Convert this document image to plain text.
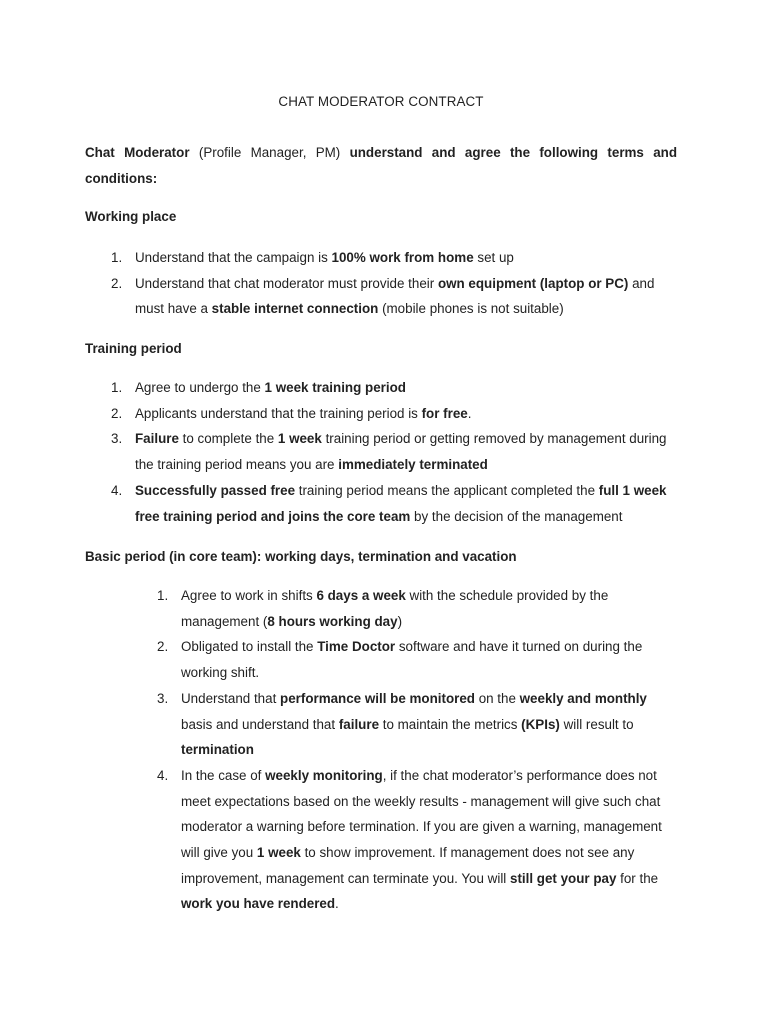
CHAT MODERATOR CONTRACT
Chat Moderator (Profile Manager, PM) understand and agree the following terms and conditions:
Working place
1. Understand that the campaign is 100% work from home set up
2. Understand that chat moderator must provide their own equipment (laptop or PC) and must have a stable internet connection (mobile phones is not suitable)
Training period
1. Agree to undergo the 1 week training period
2. Applicants understand that the training period is for free.
3. Failure to complete the 1 week training period or getting removed by management during the training period means you are immediately terminated
4. Successfully passed free training period means the applicant completed the full 1 week free training period and joins the core team by the decision of the management
Basic period (in core team): working days, termination and vacation
1. Agree to work in shifts 6 days a week with the schedule provided by the management (8 hours working day)
2. Obligated to install the Time Doctor software and have it turned on during the working shift.
3. Understand that performance will be monitored on the weekly and monthly basis and understand that failure to maintain the metrics (KPIs) will result to termination
4. In the case of weekly monitoring, if the chat moderator’s performance does not meet expectations based on the weekly results - management will give such chat moderator a warning before termination. If you are given a warning, management will give you 1 week to show improvement. If management does not see any improvement, management can terminate you. You will still get your pay for the work you have rendered.
